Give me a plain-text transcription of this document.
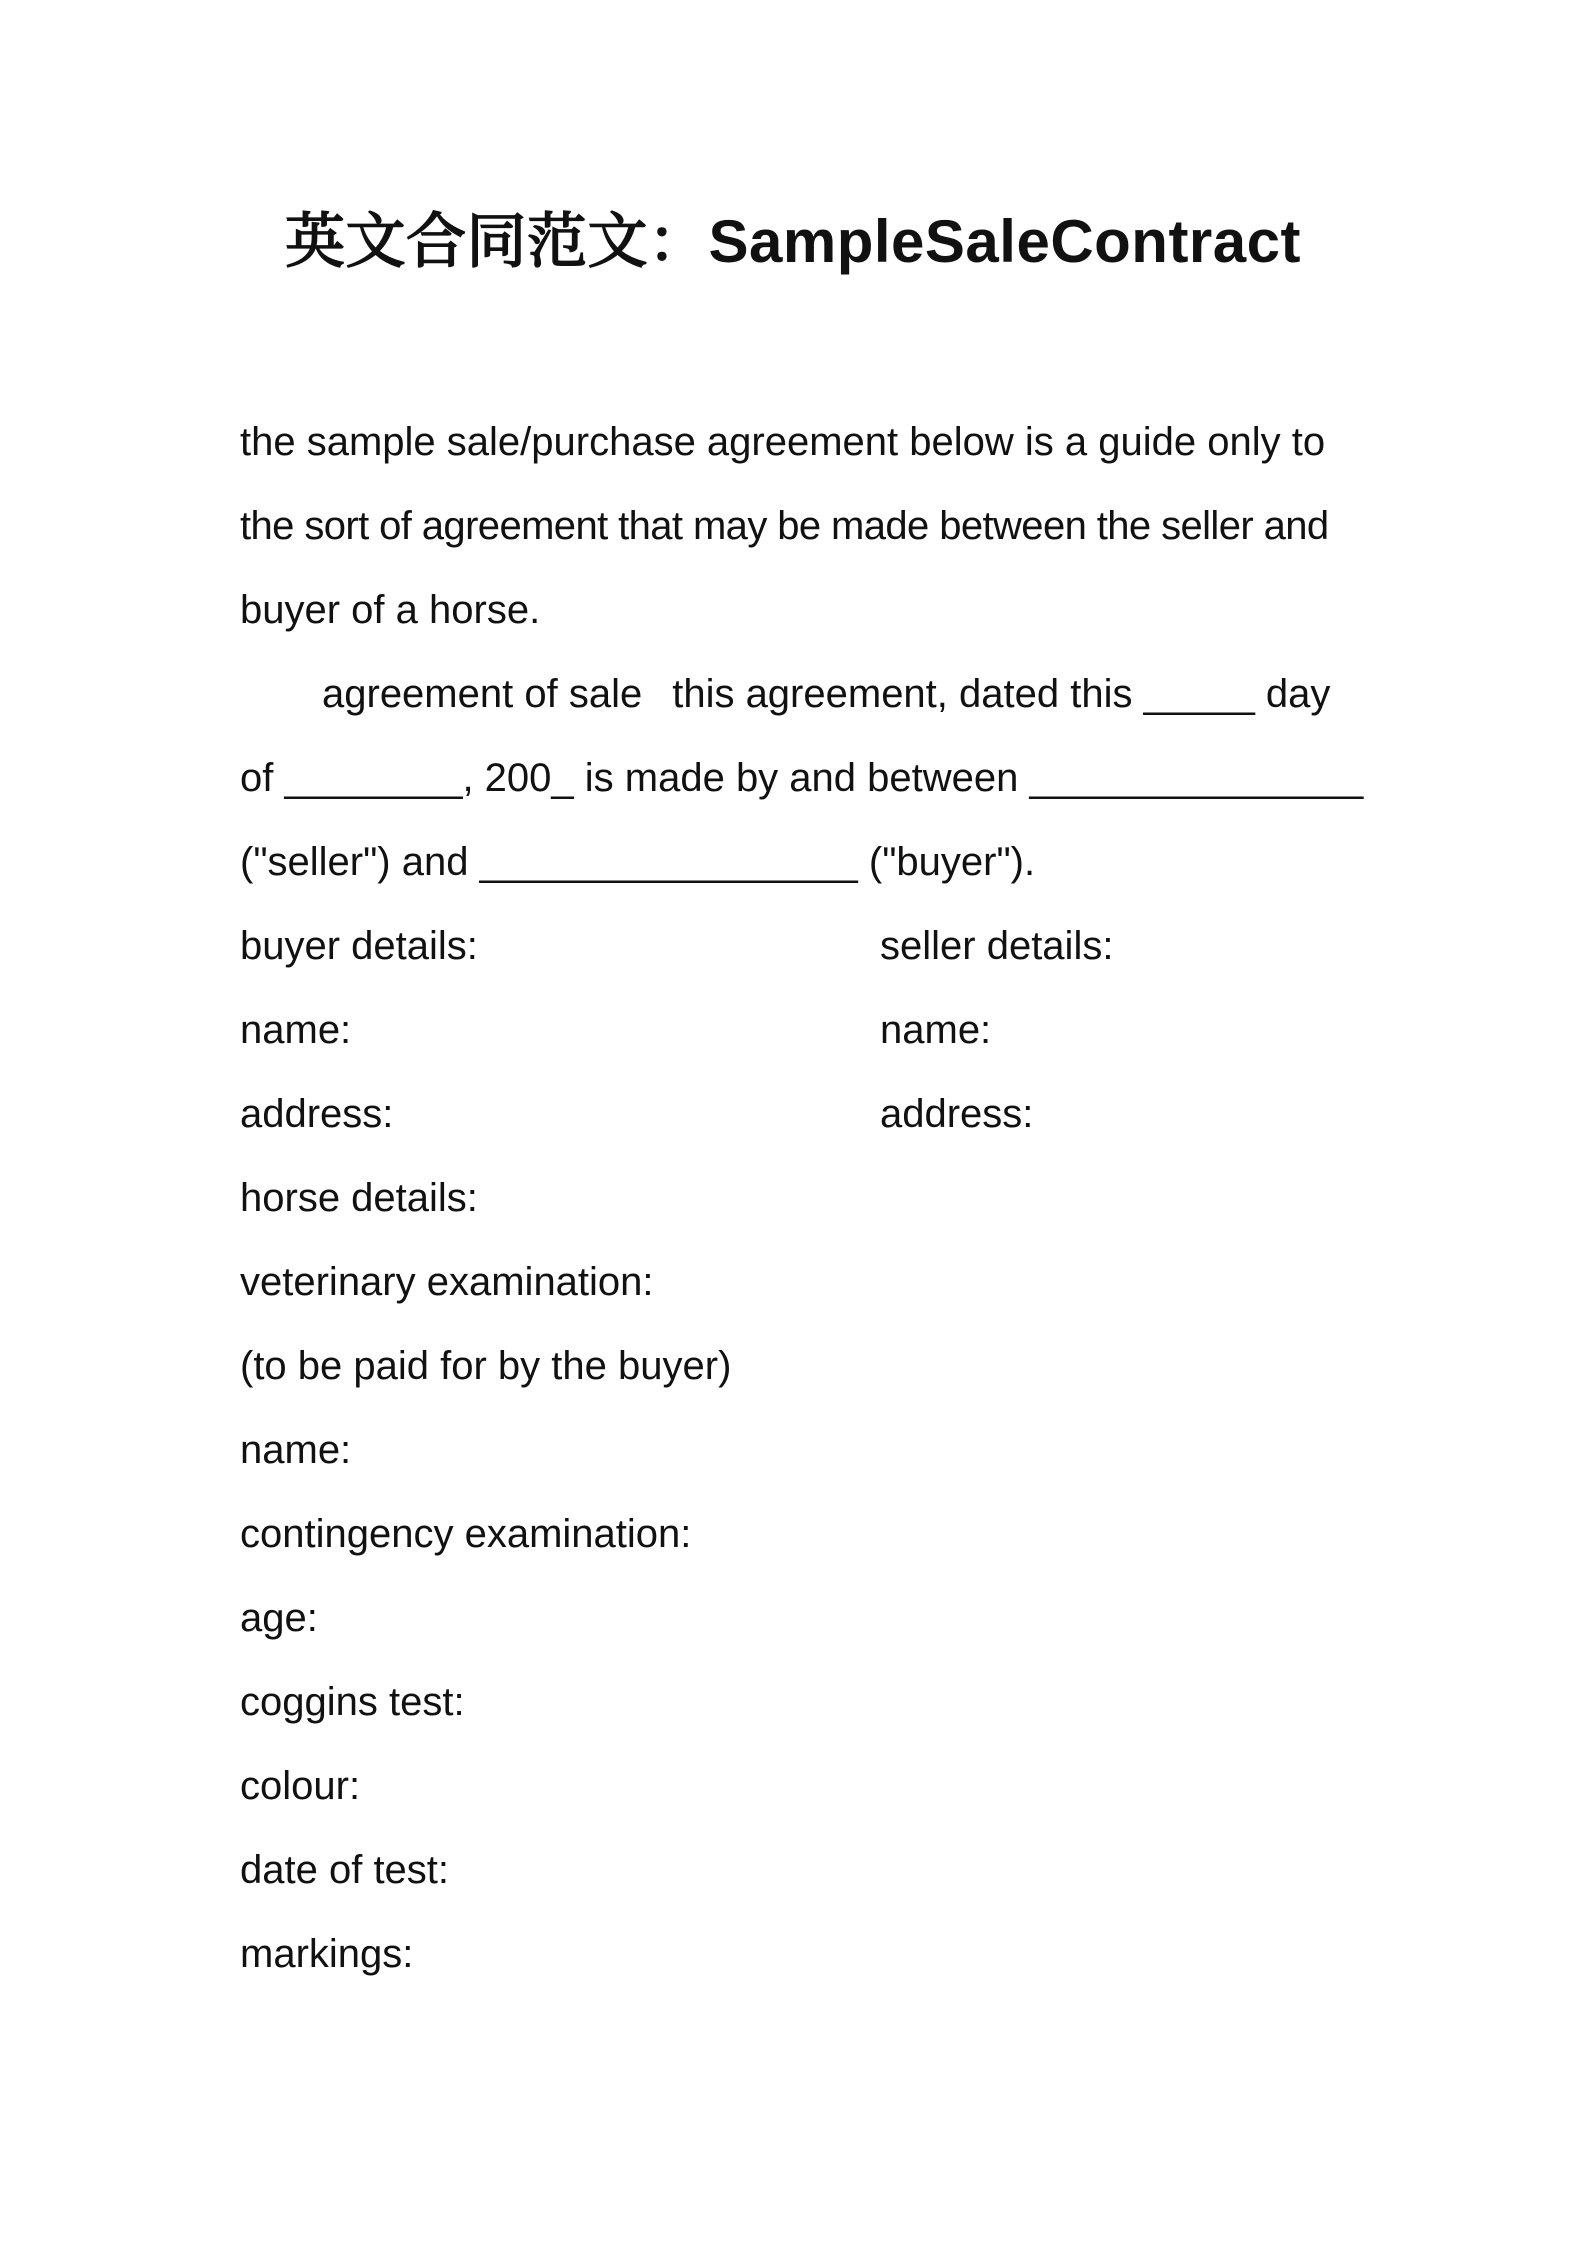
英文合同范文：SampleSaleContract
the sample sale/purchase agreement below is a guide only to
the sort of agreement that may be made between the seller and
buyer of a horse.
agreement of sale this agreement, dated this _____ day
of ________, 200_ is made by and between _______________
("seller") and _________________ ("buyer").
buyer details:	seller details:
name:	name:
address:	address:
horse details:
veterinary examination:
(to be paid for by the buyer)
name:
contingency examination:
age:
coggins test:
colour:
date of test:
markings:
